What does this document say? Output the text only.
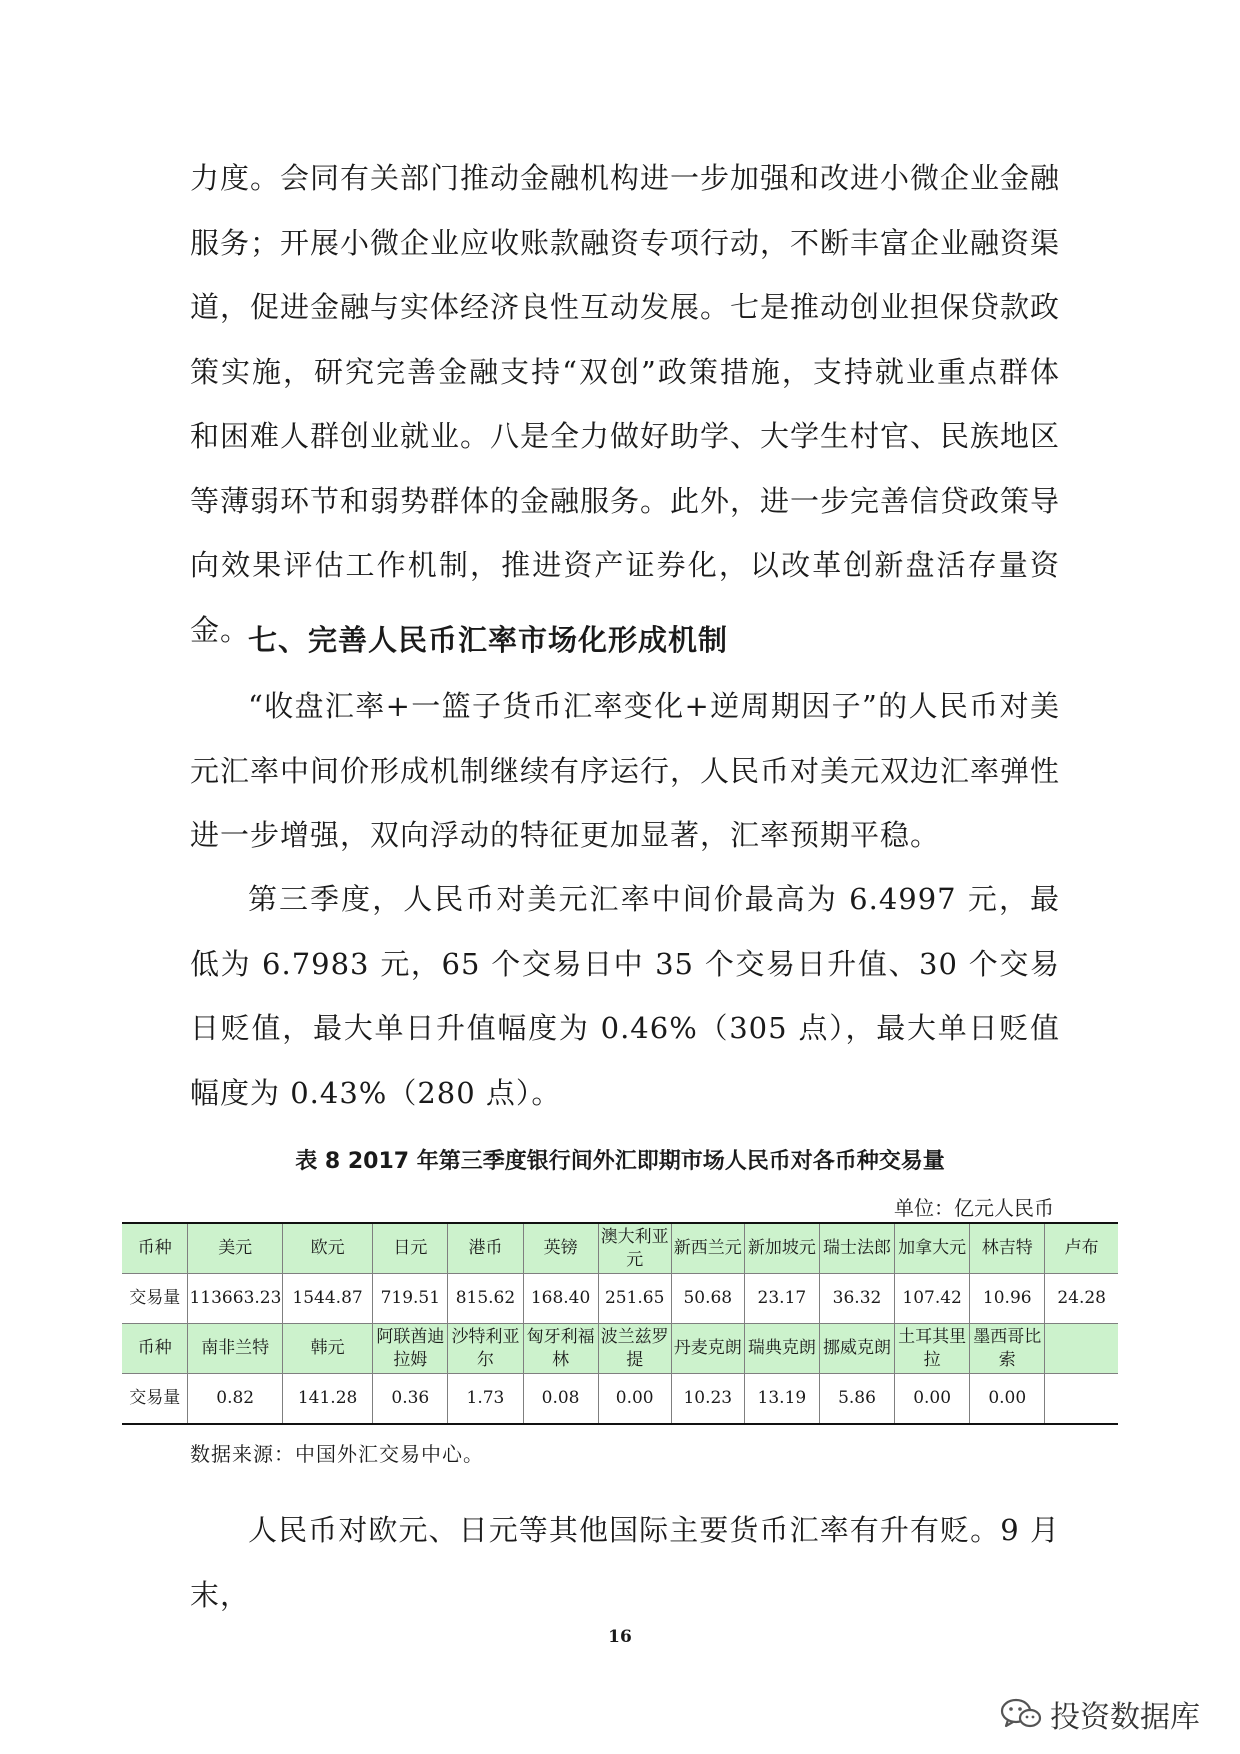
力度。会同有关部门推动金融机构进一步加强和改进小微企业金融服务；开展小微企业应收账款融资专项行动，不断丰富企业融资渠道，促进金融与实体经济良性互动发展。七是推动创业担保贷款政策实施，研究完善金融支持“双创”政策措施，支持就业重点群体和困难人群创业就业。八是全力做好助学、大学生村官、民族地区等薄弱环节和弱势群体的金融服务。此外，进一步完善信贷政策导向效果评估工作机制，推进资产证券化，以改革创新盘活存量资金。

七、完善人民币汇率市场化形成机制

“收盘汇率+一篮子货币汇率变化+逆周期因子”的人民币对美元汇率中间价形成机制继续有序运行，人民币对美元双边汇率弹性进一步增强，双向浮动的特征更加显著，汇率预期平稳。

第三季度，人民币对美元汇率中间价最高为 6.4997 元，最低为 6.7983 元，65 个交易日中 35 个交易日升值、30 个交易日贬值，最大单日升值幅度为 0.46%（305 点），最大单日贬值幅度为 0.43%（280 点）。

表 8 2017 年第三季度银行间外汇即期市场人民币对各币种交易量

单位：亿元人民币
币种	美元	欧元	日元	港币	英镑	澳大利亚元	新西兰元	新加坡元	瑞士法郎	加拿大元	林吉特	卢布
交易量	113663.23	1544.87	719.51	815.62	168.40	251.65	50.68	23.17	36.32	107.42	10.96	24.28
币种	南非兰特	韩元	阿联酋迪拉姆	沙特利亚尔	匈牙利福林	波兰兹罗提	丹麦克朗	瑞典克朗	挪威克朗	土耳其里拉	墨西哥比索	
交易量	0.82	141.28	0.36	1.73	0.08	0.00	10.23	13.19	5.86	0.00	0.00	
数据来源：中国外汇交易中心。

人民币对欧元、日元等其他国际主要货币汇率有升有贬。9 月末，

16
投资数据库
